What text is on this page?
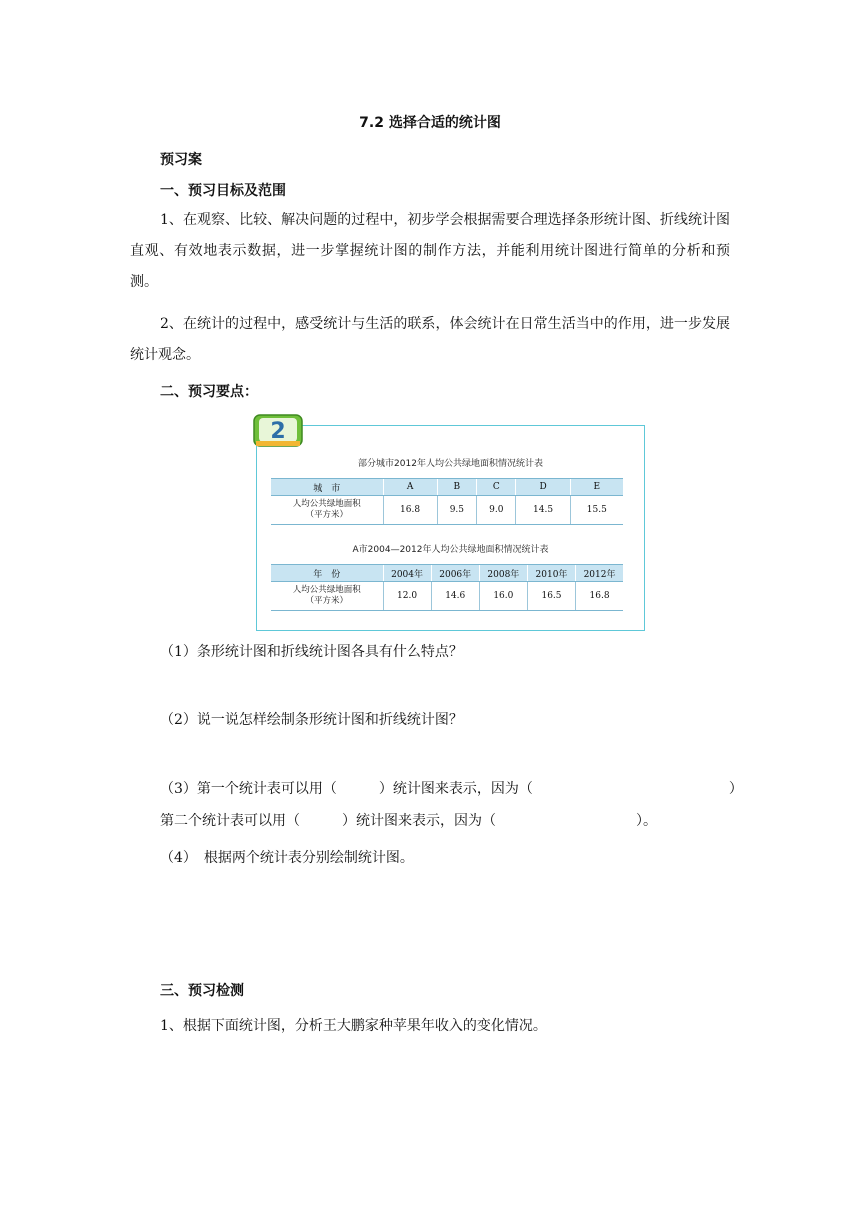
7.2 选择合适的统计图
预习案
一、预习目标及范围
1、在观察、比较、解决问题的过程中，初步学会根据需要合理选择条形统计图、折线统计图直观、有效地表示数据，进一步掌握统计图的制作方法，并能利用统计图进行简单的分析和预测。
2、在统计的过程中，感受统计与生活的联系，体会统计在日常生活当中的作用，进一步发展统计观念。
二、预习要点：
2
部分城市2012年人均公共绿地面积情况统计表
城　市	A	B	C	D	E

人均公共绿地面积
（平方米）	16.8	9.5	9.0	14.5	15.5
A市2004—2012年人均公共绿地面积情况统计表
年　份	2004年	2006年	2008年	2010年	2012年

人均公共绿地面积
（平方米）	12.0	14.6	16.0	16.5	16.8
（1）条形统计图和折线统计图各具有什么特点？
（2）说一说怎样绘制条形统计图和折线统计图？
（3）第一个统计表可以用（　　　）统计图来表示，因为（　　　　　　　　　　　　　　）
第二个统计表可以用（　　　）统计图来表示，因为（　　　　　　　　　　）。
（4）　根据两个统计表分别绘制统计图。
三、预习检测
1、根据下面统计图，分析王大鹏家种苹果年收入的变化情况。
